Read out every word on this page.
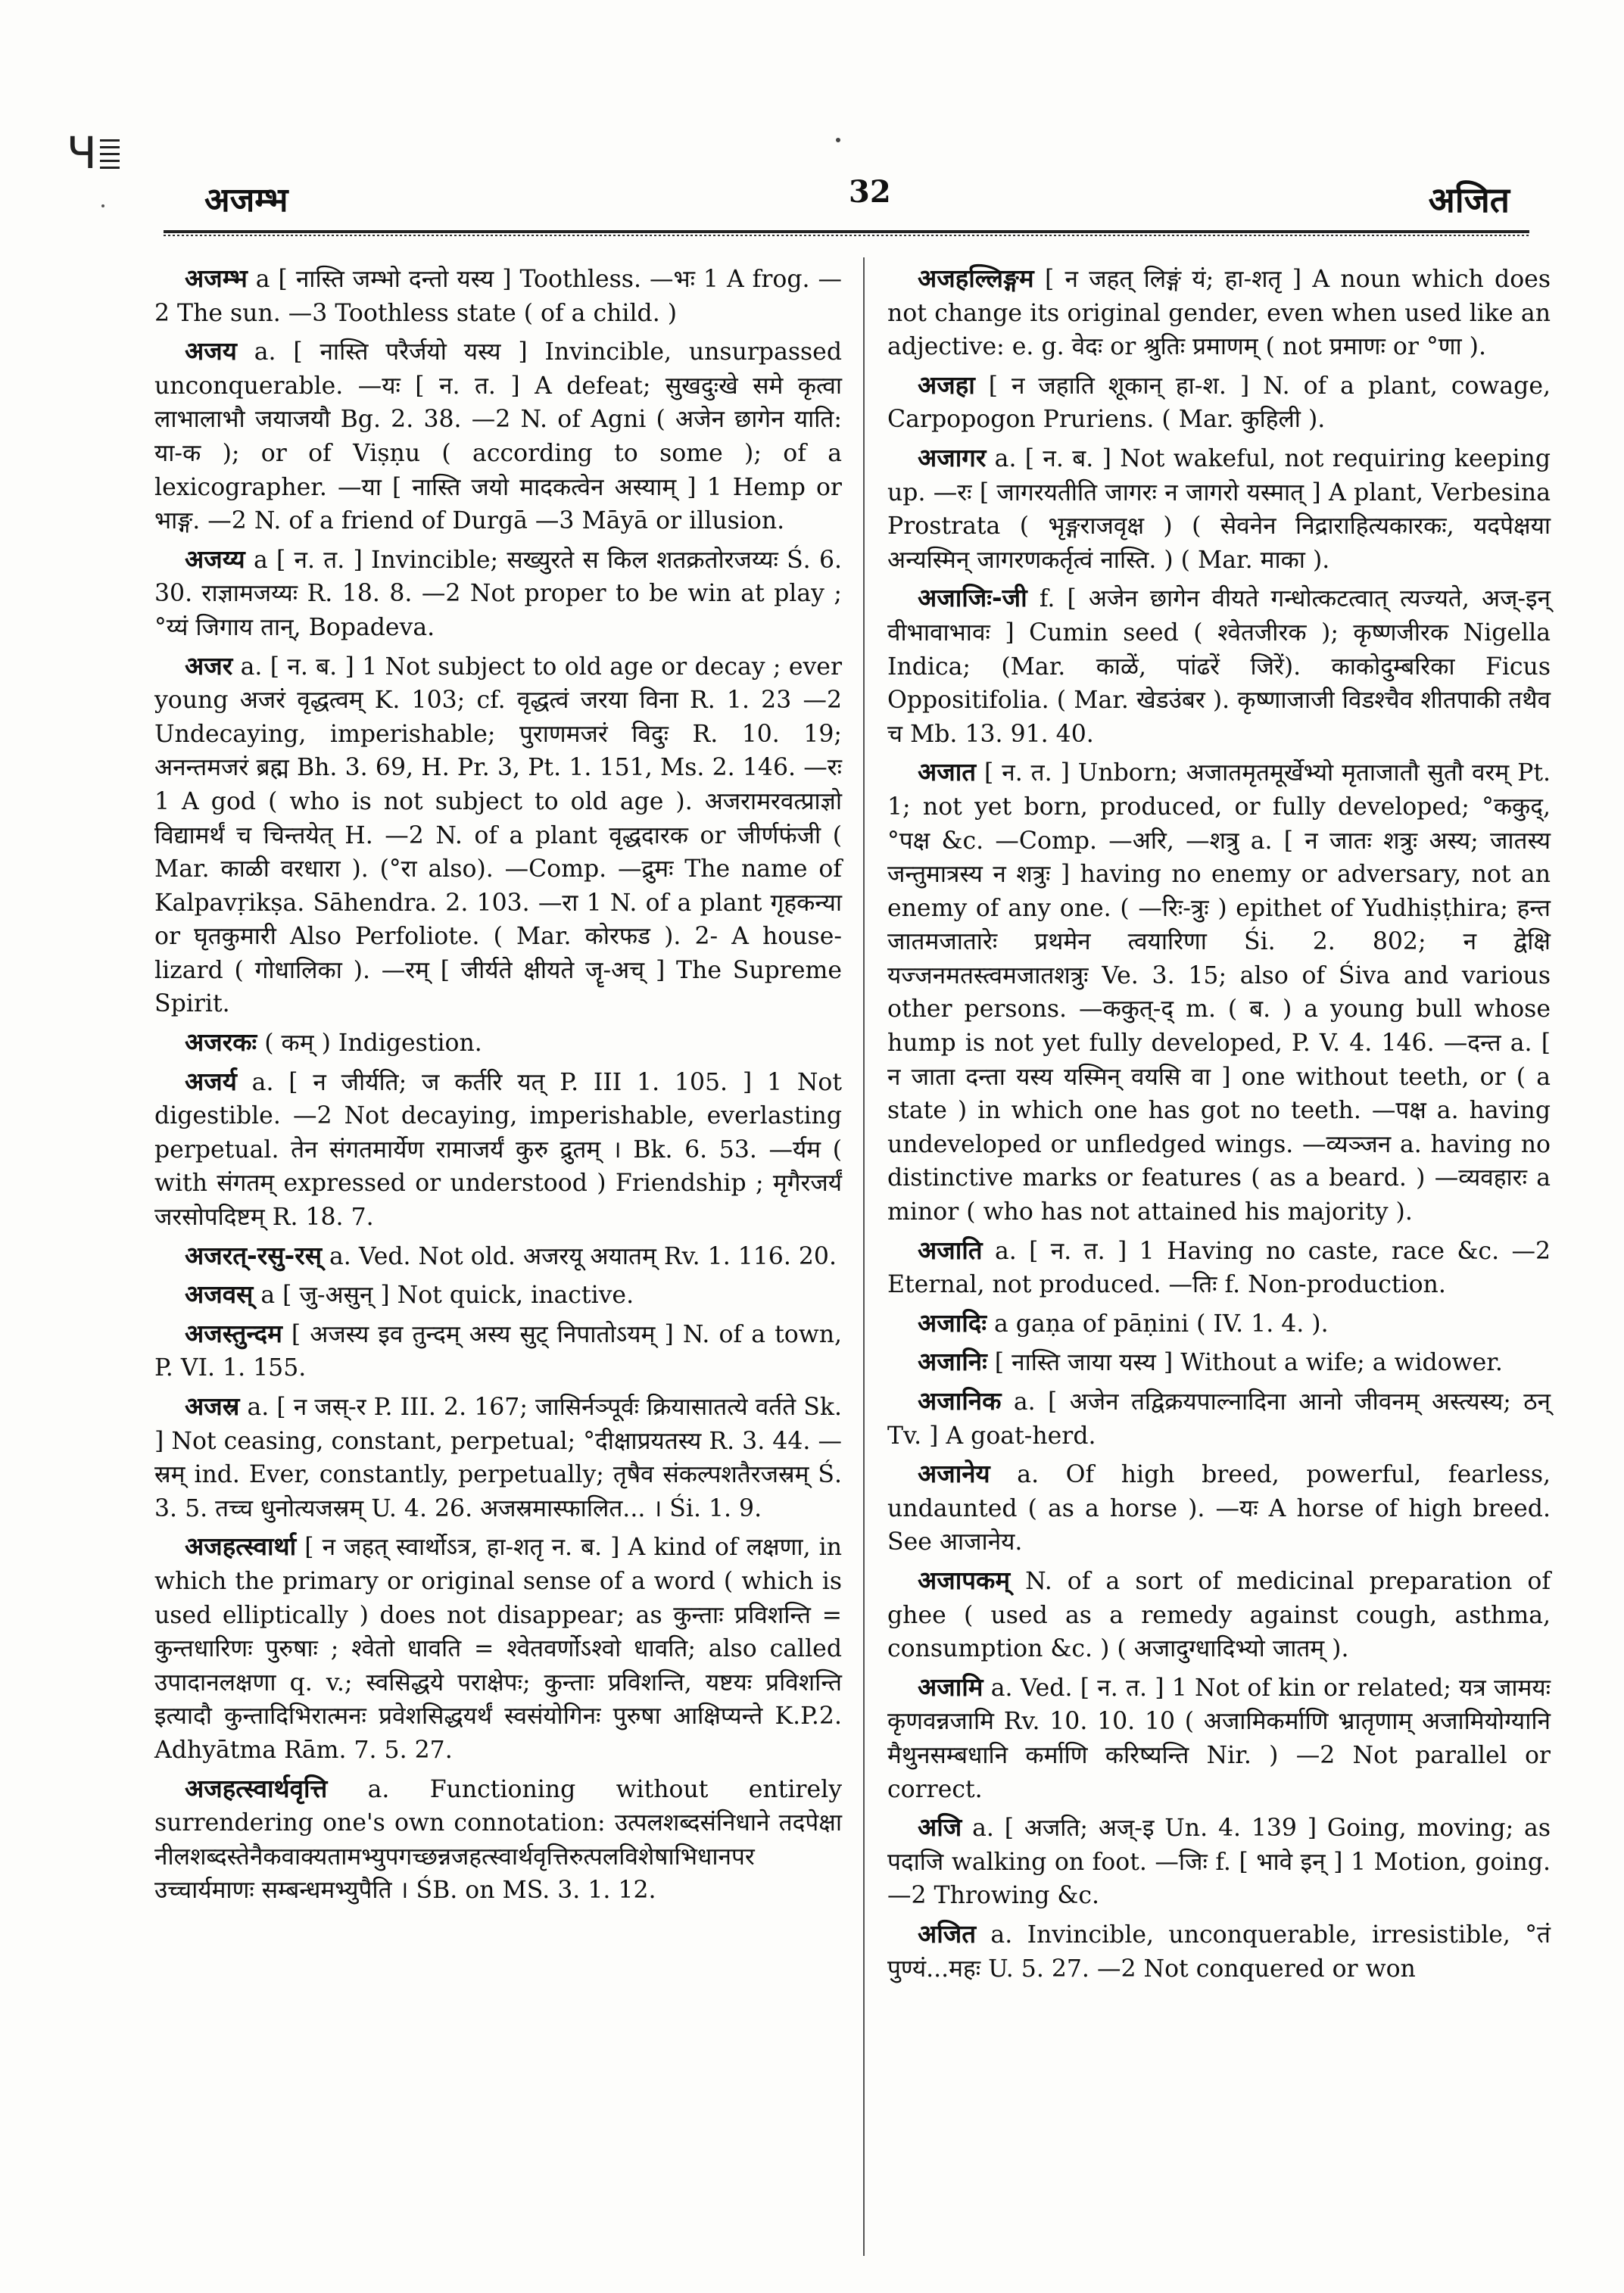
Ч
अजम्भ	32	अजित

अजम्भ a [ नास्ति जम्भो दन्तो यस्य ] Toothless. —भः 1 A frog. —2 The sun. —3 Toothless state ( of a child. )

अजय a. [ नास्ति परैर्जयो यस्य ] Invincible, unsurpassed unconquerable. —यः [ न. त. ] A defeat; सुखदुःखे समे कृत्वा लाभालाभौ जयाजयौ Bg. 2. 38. —2 N. of Agni ( अजेन छागेन याति: या-क ); or of Viṣṇu ( according to some ); of a lexicographer. —या [ नास्ति जयो मादकत्वेन अस्याम् ] 1 Hemp or भाङ्ग. —2 N. of a friend of Durgā —3 Māyā or illusion.

अजय्य a [ न. त. ] Invincible; सख्युरते स किल शतक्रतोरजय्यः Ś. 6. 30. राज्ञामजय्यः R. 18. 8. —2 Not proper to be win at play ; °य्यं जिगाय तान्, Bopadeva.

अजर a. [ न. ब. ] 1 Not subject to old age or decay ; ever young अजरं वृद्धत्वम् K. 103; cf. वृद्धत्वं जरया विना R. 1. 23 —2 Undecaying, imperishable; पुराणमजरं विदुः R. 10. 19; अनन्तमजरं ब्रह्म Bh. 3. 69, H. Pr. 3, Pt. 1. 151, Ms. 2. 146. —रः 1 A god ( who is not subject to old age ). अजरामरवत्प्राज्ञो विद्यामर्थं च चिन्तयेत् H. —2 N. of a plant वृद्धदारक or जीर्णफंजी ( Mar. काळी वरधारा ). (°रा also). —Comp. —द्रुमः The name of Kalpavṛikṣa. Sāhendra. 2. 103. —रा 1 N. of a plant गृहकन्या or घृतकुमारी Also Perfoliote. ( Mar. कोरफड ). 2- A house-lizard ( गोधालिका ). —रम् [ जीर्यते क्षीयते जॄ-अच् ] The Supreme Spirit.

अजरकः ( कम् ) Indigestion.

अजर्य a. [ न जीर्यति; ज कर्तरि यत् P. III 1. 105. ] 1 Not digestible. —2 Not decaying, imperishable, everlasting perpetual. तेन संगतमार्येण रामाजर्यं कुरु द्रुतम् । Bk. 6. 53. —र्यम ( with संगतम् expressed or understood ) Friendship ; मृगैरजर्यं जरसोपदिष्टम् R. 18. 7.

अजरत्-रसु-रस् a. Ved. Not old. अजरयू अयातम् Rv. 1. 116. 20.

अजवस् a [ जु-असुन् ] Not quick, inactive.

अजस्तुन्दम [ अजस्य इव तुन्दम् अस्य सुट् निपातोऽयम् ] N. of a town, P. VI. 1. 155.

अजस्र a. [ न जस्-र P. III. 2. 167; जासिर्नञ्पूर्वः क्रियासातत्ये वर्तते Sk. ] Not ceasing, constant, perpetual; °दीक्षाप्रयतस्य R. 3. 44. —स्रम् ind. Ever, constantly, perpetually; तृषैव संकल्पशतैरजस्रम् Ś. 3. 5. तच्च धुनोत्यजस्रम् U. 4. 26. अजस्रमास्फालित... । Śi. 1. 9.

अजहत्स्वार्था [ न जहत् स्वार्थोऽत्र, हा-शतृ न. ब. ] A kind of लक्षणा, in which the primary or original sense of a word ( which is used elliptically ) does not disappear; as कुन्ताः प्रविशन्ति = कुन्तधारिणः पुरुषाः ; श्वेतो धावति = श्वेतवर्णोऽश्वो धावति; also called उपादानलक्षणा q. v.; स्वसिद्धये पराक्षेपः; कुन्ताः प्रविशन्ति, यष्टयः प्रविशन्ति इत्यादौ कुन्तादिभिरात्मनः प्रवेशसिद्धयर्थं स्वसंयोगिनः पुरुषा आक्षिप्यन्ते K.P.2. Adhyātma Rām. 7. 5. 27.

अजहत्स्वार्थवृत्ति a. Functioning without entirely surrendering one's own connotation: उत्पलशब्दसंनिधाने तदपेक्षा नीलशब्दस्तेनैकवाक्यतामभ्युपगच्छन्नजहत्स्वार्थवृत्तिरुत्पलविशेषाभिधानपर उच्चार्यमाणः सम्बन्धमभ्युपैति । ŚB. on MS. 3. 1. 12.

अजहल्लिङ्गम [ न जहत् लिङ्गं यं; हा-शतृ ] A noun which does not change its original gender, even when used like an adjective: e. g. वेदः or श्रुतिः प्रमाणम् ( not प्रमाणः or °णा ).

अजहा [ न जहाति शूकान् हा-श. ] N. of a plant, cowage, Carpopogon Pruriens. ( Mar. कुहिली ).

अजागर a. [ न. ब. ] Not wakeful, not requiring keeping up. —रः [ जागरयतीति जागरः न जागरो यस्मात् ] A plant, Verbesina Prostrata ( भृङ्गराजवृक्ष ) ( सेवनेन निद्राराहित्यकारकः, यदपेक्षया अन्यस्मिन् जागरणकर्तृत्वं नास्ति. ) ( Mar. माका ).

अजाजिः-जी f. [ अजेन छागेन वीयते गन्धोत्कटत्वात् त्यज्यते, अज्-इन् वीभावाभावः ] Cumin seed ( श्वेतजीरक ); कृष्णजीरक Nigella Indica; (Mar. काळें, पांढरें जिरें). काकोदुम्बरिका Ficus Oppositifolia. ( Mar. खेडउंबर ). कृष्णाजाजी विडश्चैव शीतपाकी तथैव च Mb. 13. 91. 40.

अजात [ न. त. ] Unborn; अजातमृतमूर्खेभ्यो मृताजातौ सुतौ वरम् Pt. 1; not yet born, produced, or fully developed; °ककुद्, °पक्ष &c. —Comp. —अरि, —शत्रु a. [ न जातः शत्रुः अस्य; जातस्य जन्तुमात्रस्य न शत्रुः ] having no enemy or adversary, not an enemy of any one. ( —रिः-त्रुः ) epithet of Yudhiṣṭhira; हन्त जातमजातारेः प्रथमेन त्वयारिणा Śi. 2. 802; न द्वेक्षि यज्जनमतस्त्वमजातशत्रुः Ve. 3. 15; also of Śiva and various other persons. —ककुत्-द् m. ( ब. ) a young bull whose hump is not yet fully developed, P. V. 4. 146. —दन्त a. [ न जाता दन्ता यस्य यस्मिन् वयसि वा ] one without teeth, or ( a state ) in which one has got no teeth. —पक्ष a. having undeveloped or unfledged wings. —व्यञ्जन a. having no distinctive marks or features ( as a beard. ) —व्यवहारः a minor ( who has not attained his majority ).

अजाति a. [ न. त. ] 1 Having no caste, race &c. —2 Eternal, not produced. —तिः f. Non-production.

अजादिः a gaṇa of pāṇini ( IV. 1. 4. ).

अजानिः [ नास्ति जाया यस्य ] Without a wife; a widower.

अजानिक a. [ अजेन तद्विक्रयपाल्नादिना आनो जीवनम् अस्त्यस्य; ठन् Tv. ] A goat-herd.

अजानेय a. Of high breed, powerful, fearless, undaunted ( as a horse ). —यः A horse of high breed. See आजानेय.

अजापकम् N. of a sort of medicinal preparation of ghee ( used as a remedy against cough, asthma, consumption &c. ) ( अजादुग्धादिभ्यो जातम् ).

अजामि a. Ved. [ न. त. ] 1 Not of kin or related; यत्र जामयः कृणवन्नजामि Rv. 10. 10. 10 ( अजामिकर्माणि भ्रातृणाम् अजामियोग्यानि मैथुनसम्बधानि कर्माणि करिष्यन्ति Nir. ) —2 Not parallel or correct.

अजि a. [ अजति; अज्-इ Un. 4. 139 ] Going, moving; as पदाजि walking on foot. —जिः f. [ भावे इन् ] 1 Motion, going. —2 Throwing &c.

अजित a. Invincible, unconquerable, irresistible, °तं पुण्यं...महः U. 5. 27. —2 Not conquered or won
